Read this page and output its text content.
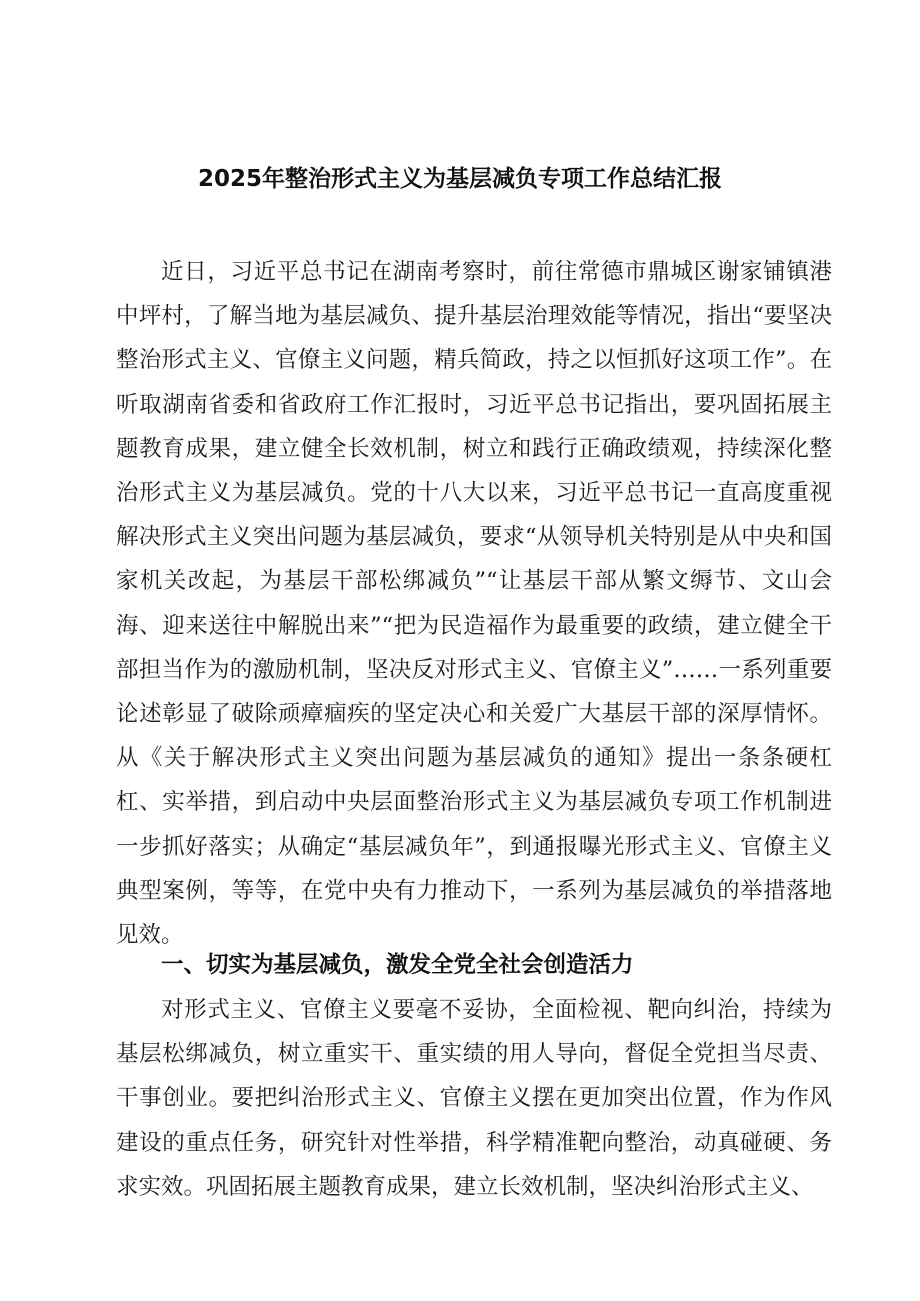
2025年整治形式主义为基层减负专项工作总结汇报

近日，习近平总书记在湖南考察时，前往常德市鼎城区谢家铺镇港中坪村，了解当地为基层减负、提升基层治理效能等情况，指出“要坚决整治形式主义、官僚主义问题，精兵简政，持之以恒抓好这项工作”。在听取湖南省委和省政府工作汇报时，习近平总书记指出，要巩固拓展主题教育成果，建立健全长效机制，树立和践行正确政绩观，持续深化整治形式主义为基层减负。党的十八大以来，习近平总书记一直高度重视解决形式主义突出问题为基层减负，要求“从领导机关特别是从中央和国家机关改起，为基层干部松绑减负”“让基层干部从繁文缛节、文山会海、迎来送往中解脱出来”“把为民造福作为最重要的政绩，建立健全干部担当作为的激励机制，坚决反对形式主义、官僚主义”……一系列重要论述彰显了破除顽瘴痼疾的坚定决心和关爱广大基层干部的深厚情怀。从《关于解决形式主义突出问题为基层减负的通知》提出一条条硬杠杠、实举措，到启动中央层面整治形式主义为基层减负专项工作机制进一步抓好落实；从确定“基层减负年”，到通报曝光形式主义、官僚主义典型案例，等等，在党中央有力推动下，一系列为基层减负的举措落地见效。

一、切实为基层减负，激发全党全社会创造活力

对形式主义、官僚主义要毫不妥协，全面检视、靶向纠治，持续为基层松绑减负，树立重实干、重实绩的用人导向，督促全党担当尽责、干事创业。要把纠治形式主义、官僚主义摆在更加突出位置，作为作风建设的重点任务，研究针对性举措，科学精准靶向整治，动真碰硬、务求实效。巩固拓展主题教育成果，建立长效机制，坚决纠治形式主义、
